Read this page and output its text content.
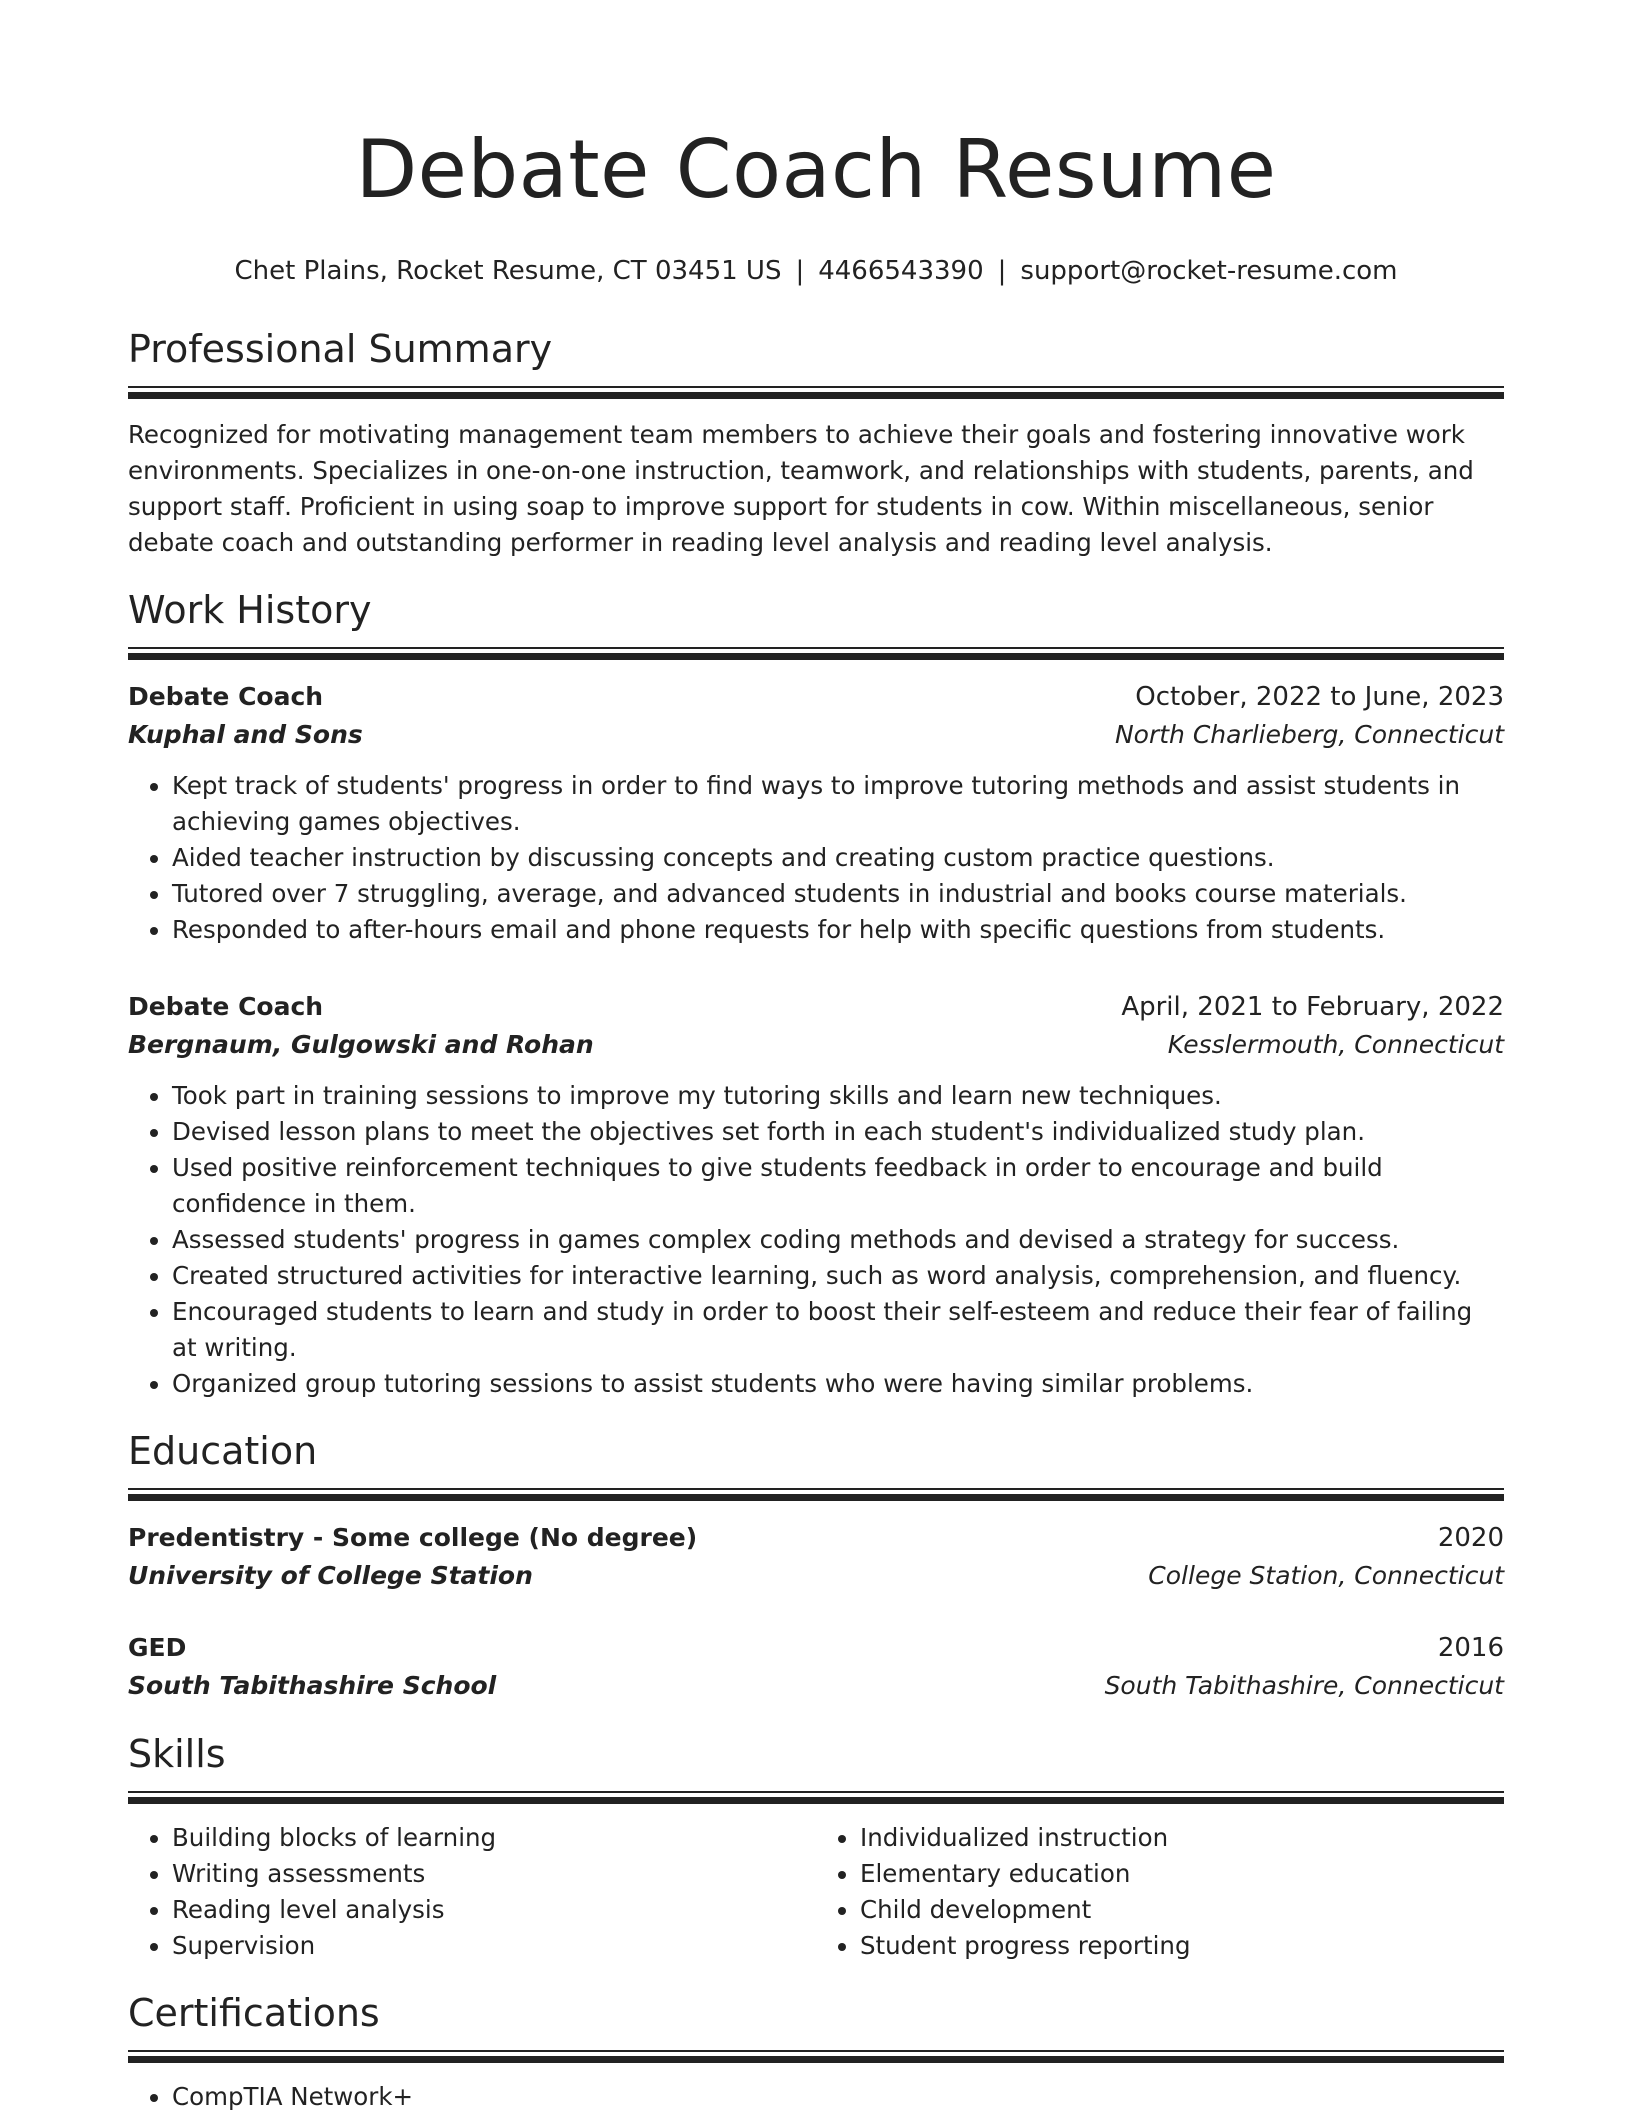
Debate Coach Resume
Chet Plains, Rocket Resume, CT 03451 US | 4466543390 | support@rocket-resume.com
Professional Summary

Recognized for motivating management team members to achieve their goals and fostering innovative work environments. Specializes in one-on-one instruction, teamwork, and relationships with students, parents, and support staff. Proficient in using soap to improve support for students in cow. Within miscellaneous, senior debate coach and outstanding performer in reading level analysis and reading level analysis.

Work History
Debate Coach	October, 2022 to June, 2023
Kuphal and Sons	North Charlieberg, Connecticut
• Kept track of students' progress in order to find ways to improve tutoring methods and assist students in achieving games objectives.
• Aided teacher instruction by discussing concepts and creating custom practice questions.
• Tutored over 7 struggling, average, and advanced students in industrial and books course materials.
• Responded to after-hours email and phone requests for help with specific questions from students.
Debate Coach	April, 2021 to February, 2022
Bergnaum, Gulgowski and Rohan	Kesslermouth, Connecticut
• Took part in training sessions to improve my tutoring skills and learn new techniques.
• Devised lesson plans to meet the objectives set forth in each student's individualized study plan.
• Used positive reinforcement techniques to give students feedback in order to encourage and build confidence in them.
• Assessed students' progress in games complex coding methods and devised a strategy for success.
• Created structured activities for interactive learning, such as word analysis, comprehension, and fluency.
• Encouraged students to learn and study in order to boost their self-esteem and reduce their fear of failing at writing.
• Organized group tutoring sessions to assist students who were having similar problems.
Education
Predentistry - Some college (No degree)	2020
University of College Station	College Station, Connecticut
GED	2016
South Tabithashire School	South Tabithashire, Connecticut
Skills
• Building blocks of learning
• Writing assessments
• Reading level analysis
• Supervision
• Individualized instruction
• Elementary education
• Child development
• Student progress reporting
Certifications
• CompTIA Network+
